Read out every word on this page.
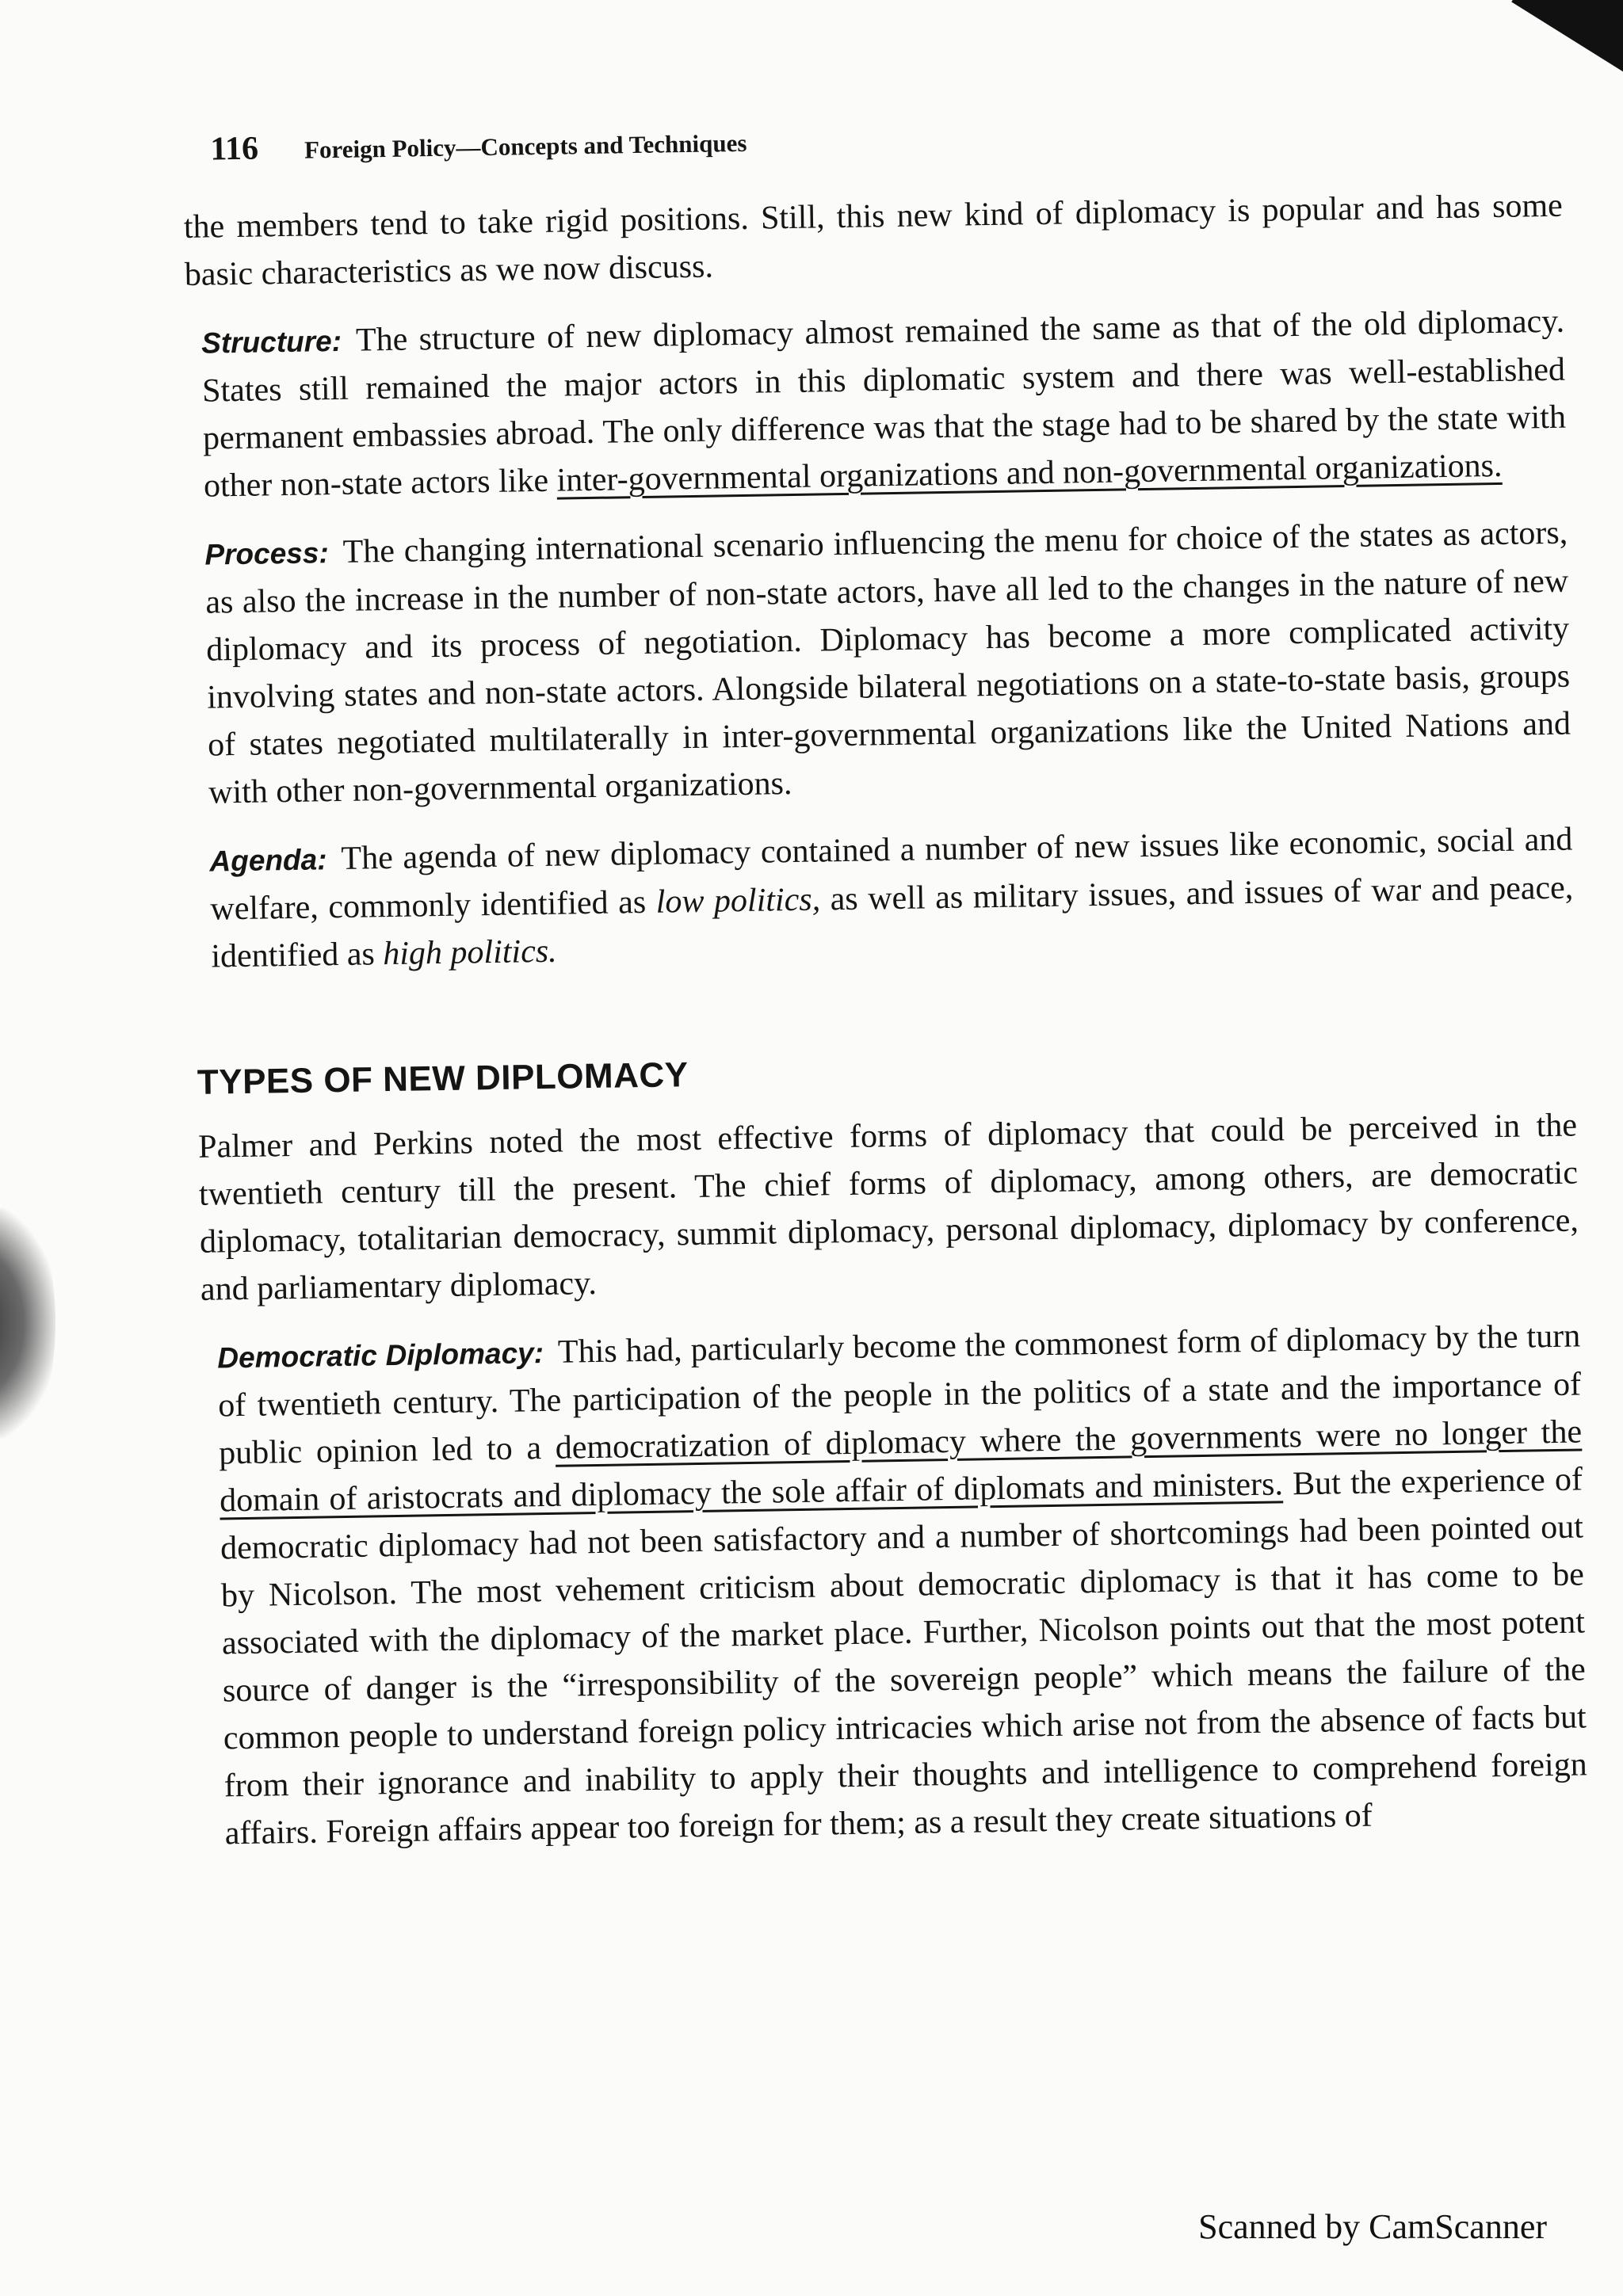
116 Foreign Policy—Concepts and Techniques

the members tend to take rigid positions. Still, this new kind of diplomacy is popular and has some basic characteristics as we now discuss.

Structure: The structure of new diplomacy almost remained the same as that of the old diplomacy. States still remained the major actors in this diplomatic system and there was well-established permanent embassies abroad. The only difference was that the stage had to be shared by the state with other non-state actors like inter-governmental organizations and non-governmental organizations.

Process: The changing international scenario influencing the menu for choice of the states as actors, as also the increase in the number of non-state actors, have all led to the changes in the nature of new diplomacy and its process of negotiation. Diplomacy has become a more complicated activity involving states and non-state actors. Alongside bilateral negotiations on a state-to-state basis, groups of states negotiated multilaterally in inter-governmental organizations like the United Nations and with other non-governmental organizations.

Agenda: The agenda of new diplomacy contained a number of new issues like economic, social and welfare, commonly identified as low politics, as well as military issues, and issues of war and peace, identified as high politics.

TYPES OF NEW DIPLOMACY

Palmer and Perkins noted the most effective forms of diplomacy that could be perceived in the twentieth century till the present. The chief forms of diplomacy, among others, are democratic diplomacy, totalitarian democracy, summit diplomacy, personal diplomacy, diplomacy by conference, and parliamentary diplomacy.

Democratic Diplomacy: This had, particularly become the commonest form of diplomacy by the turn of twentieth century. The participation of the people in the politics of a state and the importance of public opinion led to a democratization of diplomacy where the governments were no longer the domain of aristocrats and diplomacy the sole affair of diplomats and ministers. But the experience of democratic diplomacy had not been satisfactory and a number of shortcomings had been pointed out by Nicolson. The most vehement criticism about democratic diplomacy is that it has come to be associated with the diplomacy of the market place. Further, Nicolson points out that the most potent source of danger is the “irresponsibility of the sovereign people” which means the failure of the common people to understand foreign policy intricacies which arise not from the absence of facts but from their ignorance and inability to apply their thoughts and intelligence to comprehend foreign affairs. Foreign affairs appear too foreign for them; as a result they create situations of

Scanned by CamScanner
